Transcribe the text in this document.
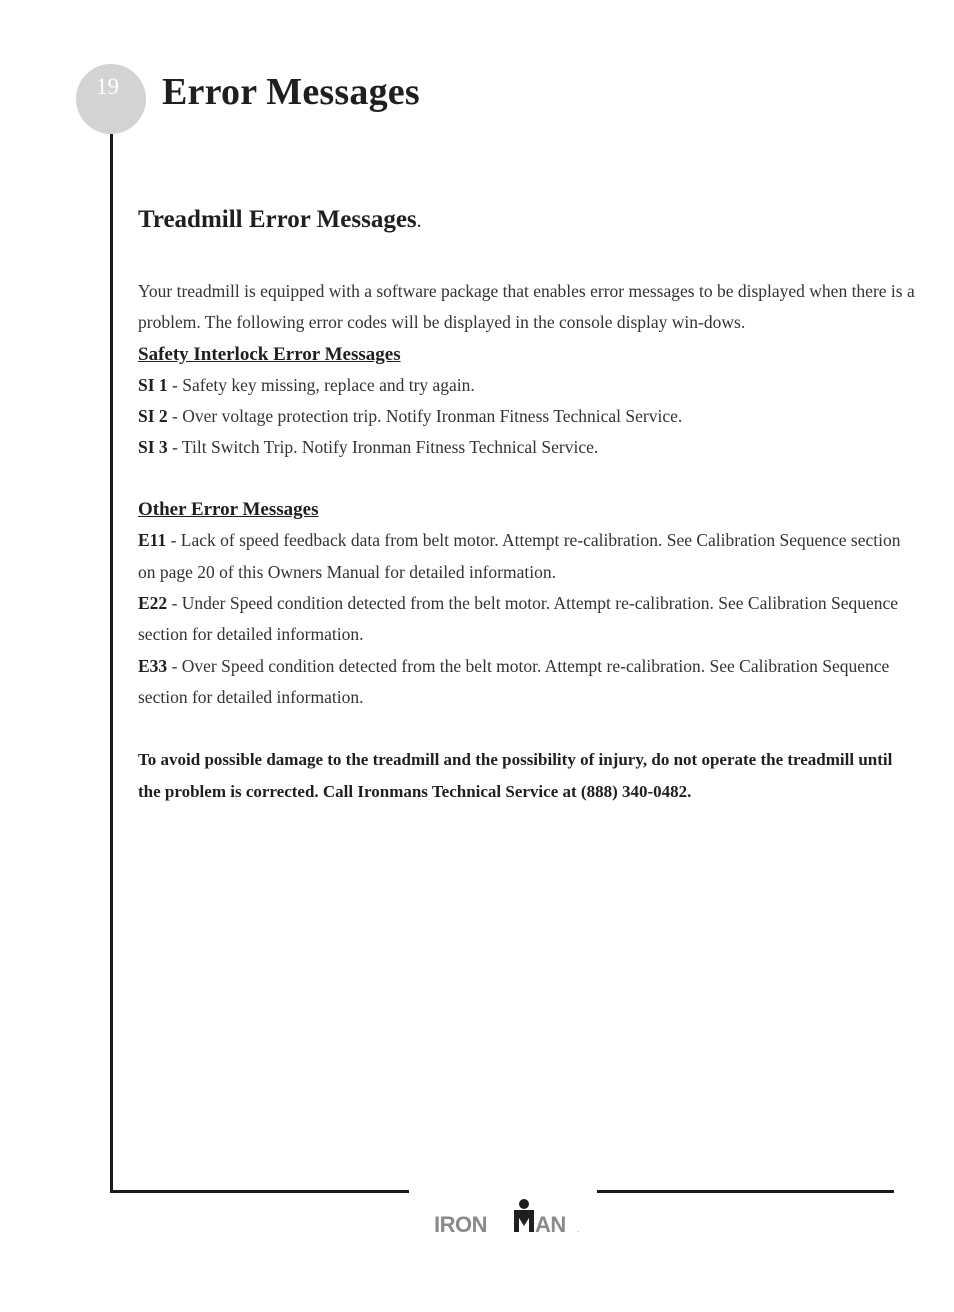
19 Error Messages
Treadmill Error Messages.

Your treadmill is equipped with a software package that enables error messages to be displayed when there is a problem. The following error codes will be displayed in the console display win-dows.

Safety Interlock Error Messages

SI 1 - Safety key missing, replace and try again.

SI 2 - Over voltage protection trip. Notify Ironman Fitness Technical Service.

SI 3 - Tilt Switch Trip. Notify Ironman Fitness Technical Service.

Other Error Messages

E11 - Lack of speed feedback data from belt motor. Attempt re-calibration. See Calibration Sequence section on page 20 of this Owners Manual for detailed information.

E22 - Under Speed condition detected from the belt motor. Attempt re-calibration. See Calibration Sequence section for detailed information.

E33 - Over Speed condition detected from the belt motor. Attempt re-calibration. See Calibration Sequence section for detailed information.

To avoid possible damage to the treadmill and the possibility of injury, do not operate the treadmill until the problem is corrected. Call Ironmans Technical Service at (888) 340-0482.

IRON AN .
